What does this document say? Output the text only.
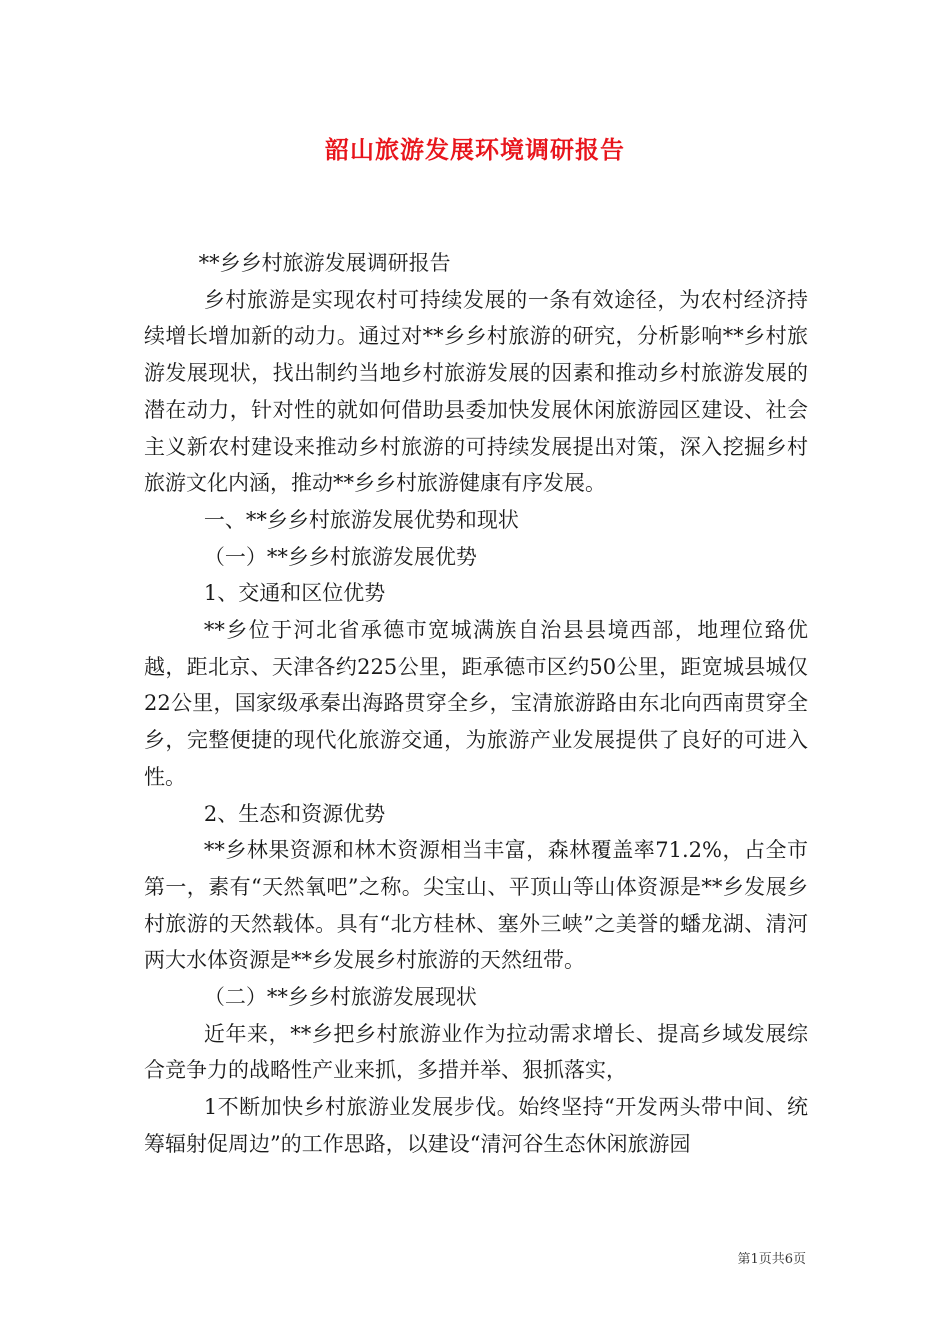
韶山旅游发展环境调研报告

**乡乡村旅游发展调研报告

乡村旅游是实现农村可持续发展的一条有效途径，为农村经济持续增长增加新的动力。通过对**乡乡村旅游的研究，分析影响**乡村旅游发展现状，找出制约当地乡村旅游发展的因素和推动乡村旅游发展的潜在动力，针对性的就如何借助县委加快发展休闲旅游园区建设、社会主义新农村建设来推动乡村旅游的可持续发展提出对策，深入挖掘乡村旅游文化内涵，推动**乡乡村旅游健康有序发展。

一、**乡乡村旅游发展优势和现状

（一）**乡乡村旅游发展优势

1、交通和区位优势

**乡位于河北省承德市宽城满族自治县县境西部，地理位臵优越，距北京、天津各约225公里，距承德市区约50公里，距宽城县城仅22公里，国家级承秦出海路贯穿全乡，宝清旅游路由东北向西南贯穿全乡，完整便捷的现代化旅游交通，为旅游产业发展提供了良好的可进入性。

2、生态和资源优势

**乡林果资源和林木资源相当丰富，森林覆盖率71.2%，占全市第一，素有“天然氧吧”之称。尖宝山、平顶山等山体资源是**乡发展乡村旅游的天然载体。具有“北方桂林、塞外三峡”之美誉的蟠龙湖、清河两大水体资源是**乡发展乡村旅游的天然纽带。

（二）**乡乡村旅游发展现状

近年来，**乡把乡村旅游业作为拉动需求增长、提高乡域发展综合竞争力的战略性产业来抓，多措并举、狠抓落实，

1不断加快乡村旅游业发展步伐。始终坚持“开发两头带中间、统筹辐射促周边”的工作思路，以建设“清河谷生态休闲旅游园

第1页共6页
